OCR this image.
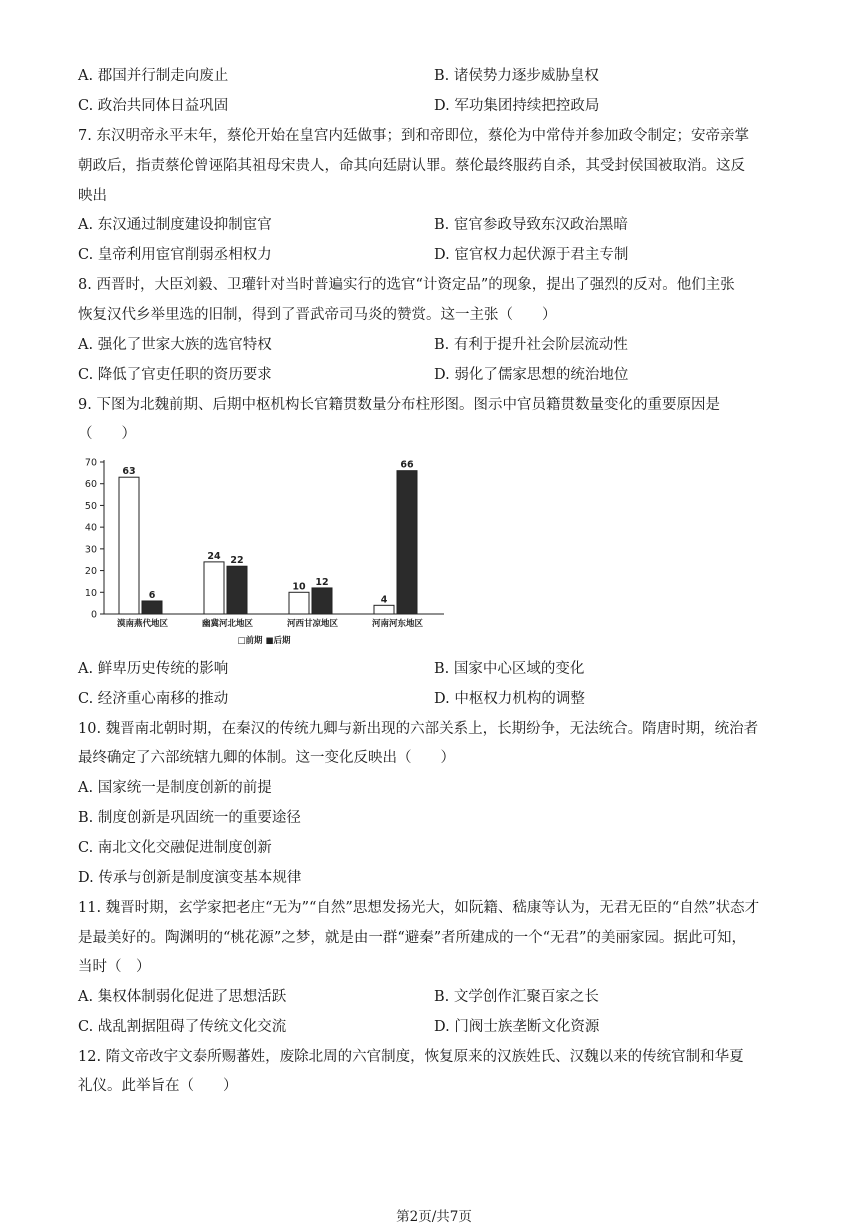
A. 郡国并行制走向废止	B. 诸侯势力逐步威胁皇权
C. 政治共同体日益巩固	D. 军功集团持续把控政局
7. 东汉明帝永平末年，蔡伦开始在皇宫内廷做事；到和帝即位，蔡伦为中常侍并参加政令制定；安帝亲掌
朝政后，指责蔡伦曾诬陷其祖母宋贵人，命其向廷尉认罪。蔡伦最终服药自杀，其受封侯国被取消。这反
映出
A. 东汉通过制度建设抑制宦官	B. 宦官参政导致东汉政治黑暗
C. 皇帝利用宦官削弱丞相权力	D. 宦官权力起伏源于君主专制
8. 西晋时，大臣刘毅、卫瓘针对当时普遍实行的选官“计资定品”的现象，提出了强烈的反对。他们主张
恢复汉代乡举里选的旧制，得到了晋武帝司马炎的赞赏。这一主张（　　）
A. 强化了世家大族的选官特权	B. 有利于提升社会阶层流动性
C. 降低了官吏任职的资历要求	D. 弱化了儒家思想的统治地位
9. 下图为北魏前期、后期中枢机构长官籍贯数量分布柱形图。图示中官员籍贯数量变化的重要原因是
（　　）
0
10
20
30
40
50
60
70
63
6
漠南燕代地区
24 22
幽冀河北地区
10 12
河西甘凉地区
4
66
河南河东地区
□前期 ■后期
A. 鲜卑历史传统的影响	B. 国家中心区域的变化
C. 经济重心南移的推动	D. 中枢权力机构的调整
10. 魏晋南北朝时期，在秦汉的传统九卿与新出现的六部关系上，长期纷争，无法统合。隋唐时期，统治者
最终确定了六部统辖九卿的体制。这一变化反映出（　　）
A. 国家统一是制度创新的前提
B. 制度创新是巩固统一的重要途径
C. 南北文化交融促进制度创新
D. 传承与创新是制度演变基本规律
11. 魏晋时期，玄学家把老庄“无为”“自然”思想发扬光大，如阮籍、嵇康等认为，无君无臣的“自然”状态才
是最美好的。陶渊明的“桃花源”之梦，就是由一群“避秦”者所建成的一个“无君”的美丽家园。据此可知，
当时（　）
A. 集权体制弱化促进了思想活跃	B. 文学创作汇聚百家之长
C. 战乱割据阻碍了传统文化交流	D. 门阀士族垄断文化资源
12. 隋文帝改宇文泰所赐蕃姓，废除北周的六官制度，恢复原来的汉族姓氏、汉魏以来的传统官制和华夏
礼仪。此举旨在（　　）
第2页/共7页
